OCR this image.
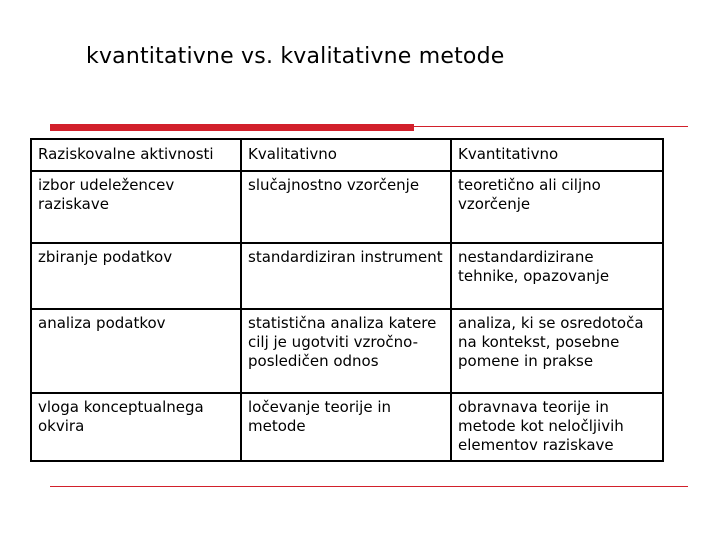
kvantitativne vs. kvalitativne metode
Raziskovalne aktivnosti	Kvalitativno	Kvantitativno
izbor udeležencev raziskave	slučajnostno vzorčenje	teoretično ali ciljno vzorčenje
zbiranje podatkov	standardiziran instrument	nestandardizirane tehnike, opazovanje
analiza podatkov	statistična analiza katere cilj je ugotviti vzročno-posledičen odnos	analiza, ki se osredotoča na kontekst, posebne pomene in prakse
vloga konceptualnega okvira	ločevanje teorije in metode	obravnava teorije in metode kot neločljivih elementov raziskave
